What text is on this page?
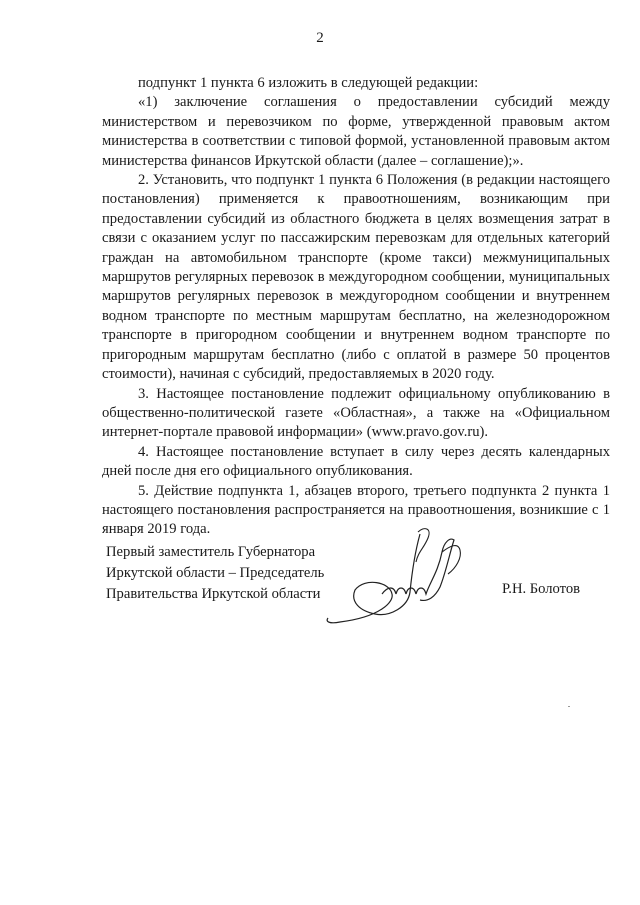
2

подпункт 1 пункта 6 изложить в следующей редакции:

«1) заключение соглашения о предоставлении субсидий между министерством и перевозчиком по форме, утвержденной правовым актом министерства в соответствии с типовой формой, установленной правовым актом министерства финансов Иркутской области (далее – соглашение);».

2. Установить, что подпункт 1 пункта 6 Положения (в редакции настоящего постановления) применяется к правоотношениям, возникающим при предоставлении субсидий из областного бюджета в целях возмещения затрат в связи с оказанием услуг по пассажирским перевозкам для отдельных категорий граждан на автомобильном транспорте (кроме такси) межмуниципальных маршрутов регулярных перевозок в междугородном сообщении, муниципальных маршрутов регулярных перевозок в междугородном сообщении и внутреннем водном транспорте по местным маршрутам бесплатно, на железнодорожном транспорте в пригородном сообщении и внутреннем водном транспорте по пригородным маршрутам бесплатно (либо с оплатой в размере 50 процентов стоимости), начиная с субсидий, предоставляемых в 2020 году.

3. Настоящее постановление подлежит официальному опубликованию в общественно-политической газете «Областная», а также на «Официальном интернет-портале правовой информации» (www.pravo.gov.ru).

4. Настоящее постановление вступает в силу через десять календарных дней после дня его официального опубликования.

5. Действие подпункта 1, абзацев второго, третьего подпункта 2 пункта 1 настоящего постановления распространяется на правоотношения, возникшие с 1 января 2019 года.

Первый заместитель Губернатора
Иркутской области – Председатель
Правительства Иркутской области	Р.Н. Болотов
